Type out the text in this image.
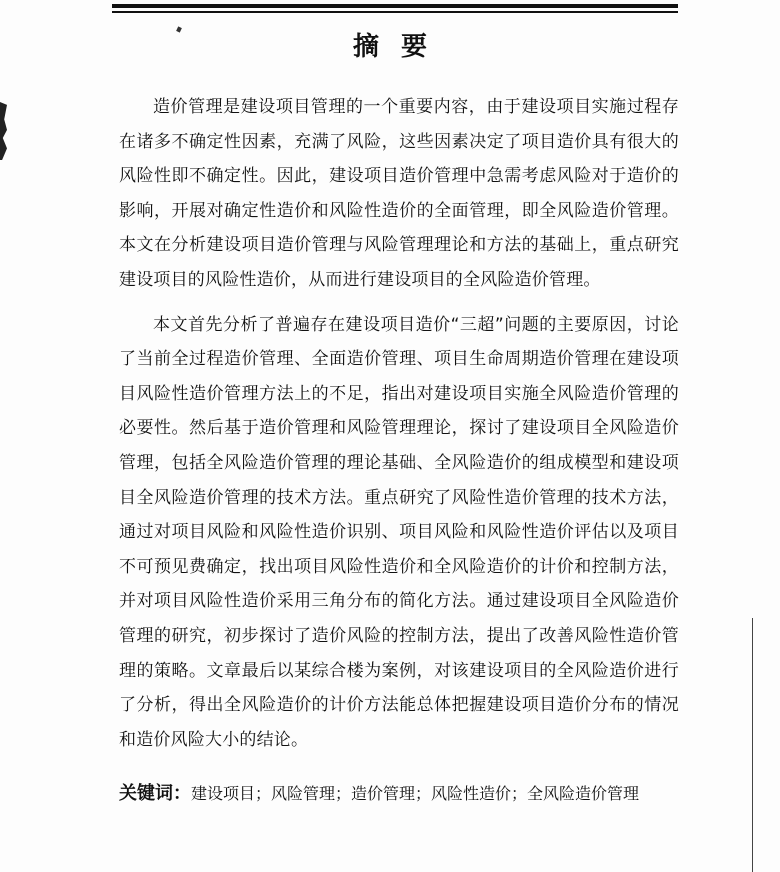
摘要

造价管理是建设项目管理的一个重要内容，由于建设项目实施过程存在诸多不确定性因素，充满了风险，这些因素决定了项目造价具有很大的风险性即不确定性。因此，建设项目造价管理中急需考虑风险对于造价的影响，开展对确定性造价和风险性造价的全面管理，即全风险造价管理。本文在分析建设项目造价管理与风险管理理论和方法的基础上，重点研究建设项目的风险性造价，从而进行建设项目的全风险造价管理。

本文首先分析了普遍存在建设项目造价“三超”问题的主要原因，讨论了当前全过程造价管理、全面造价管理、项目生命周期造价管理在建设项目风险性造价管理方法上的不足，指出对建设项目实施全风险造价管理的必要性。然后基于造价管理和风险管理理论，探讨了建设项目全风险造价管理，包括全风险造价管理的理论基础、全风险造价的组成模型和建设项目全风险造价管理的技术方法。重点研究了风险性造价管理的技术方法，通过对项目风险和风险性造价识别、项目风险和风险性造价评估以及项目不可预见费确定，找出项目风险性造价和全风险造价的计价和控制方法，并对项目风险性造价采用三角分布的简化方法。通过建设项目全风险造价管理的研究，初步探讨了造价风险的控制方法，提出了改善风险性造价管理的策略。文章最后以某综合楼为案例，对该建设项目的全风险造价进行了分析，得出全风险造价的计价方法能总体把握建设项目造价分布的情况和造价风险大小的结论。

关键词：建设项目；风险管理；造价管理；风险性造价；全风险造价管理
